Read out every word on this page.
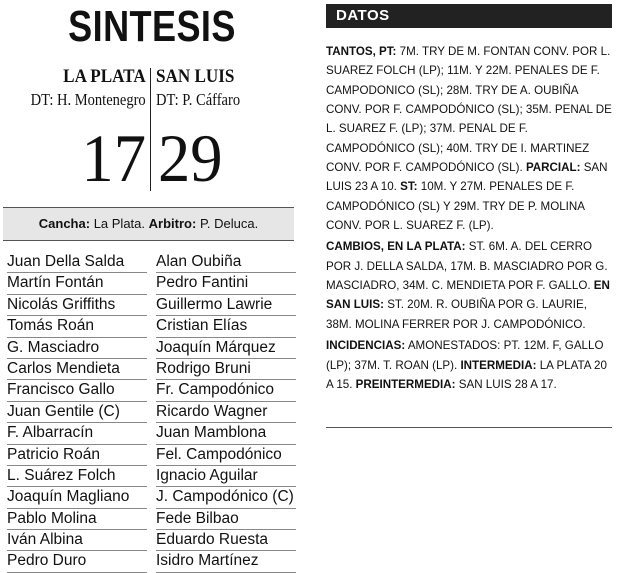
SINTESIS
LA PLATA SAN LUIS
DT: H. Montenegro DT: P. Cáffaro
17 29
Cancha: La Plata. Arbitro: P. Deluca.
Juan Della Salda
Martín Fontán
Nicolás Griffiths
Tomás Roán
G. Masciadro
Carlos Mendieta
Francisco Gallo
Juan Gentile (C)
F. Albarracín
Patricio Roán
L. Suárez Folch
Joaquín Magliano
Pablo Molina
Iván Albina
Pedro Duro
Alan Oubiña
Pedro Fantini
Guillermo Lawrie
Cristian Elías
Joaquín Márquez
Rodrigo Bruni
Fr. Campodónico
Ricardo Wagner
Juan Mamblona
Fel. Campodónico
Ignacio Aguilar
J. Campodónico (C)
Fede Bilbao
Eduardo Ruesta
Isidro Martínez
DATOS

TANTOS, PT: 7M. TRY DE M. FONTAN CONV. POR L. SUAREZ FOLCH (LP); 11M. Y 22M. PENALES DE F. CAMPODONICO (SL); 28M. TRY DE A. OUBIÑA CONV. POR F. CAMPODÓNICO (SL); 35M. PENAL DE L. SUAREZ F. (LP); 37M. PENAL DE F. CAMPODÓNICO (SL); 40M. TRY DE I. MARTINEZ CONV. POR F. CAMPODÓNICO (SL). PARCIAL: SAN LUIS 23 A 10. ST: 10M. Y 27M. PENALES DE F. CAMPODÓNICO (SL) Y 29M. TRY DE P. MOLINA CONV. POR L. SUAREZ F. (LP).

CAMBIOS, EN LA PLATA: ST. 6M. A. DEL CERRO POR J. DELLA SALDA, 17M. B. MASCIADRO POR G. MASCIADRO, 34M. C. MENDIETA POR F. GALLO. EN SAN LUIS: ST. 20M. R. OUBIÑA POR G. LAURIE, 38M. MOLINA FERRER POR J. CAMPODÓNICO.

INCIDENCIAS: AMONESTADOS: PT. 12M. F, GALLO (LP); 37M. T. ROAN (LP). INTERMEDIA: LA PLATA 20 A 15. PREINTERMEDIA: SAN LUIS 28 A 17.
